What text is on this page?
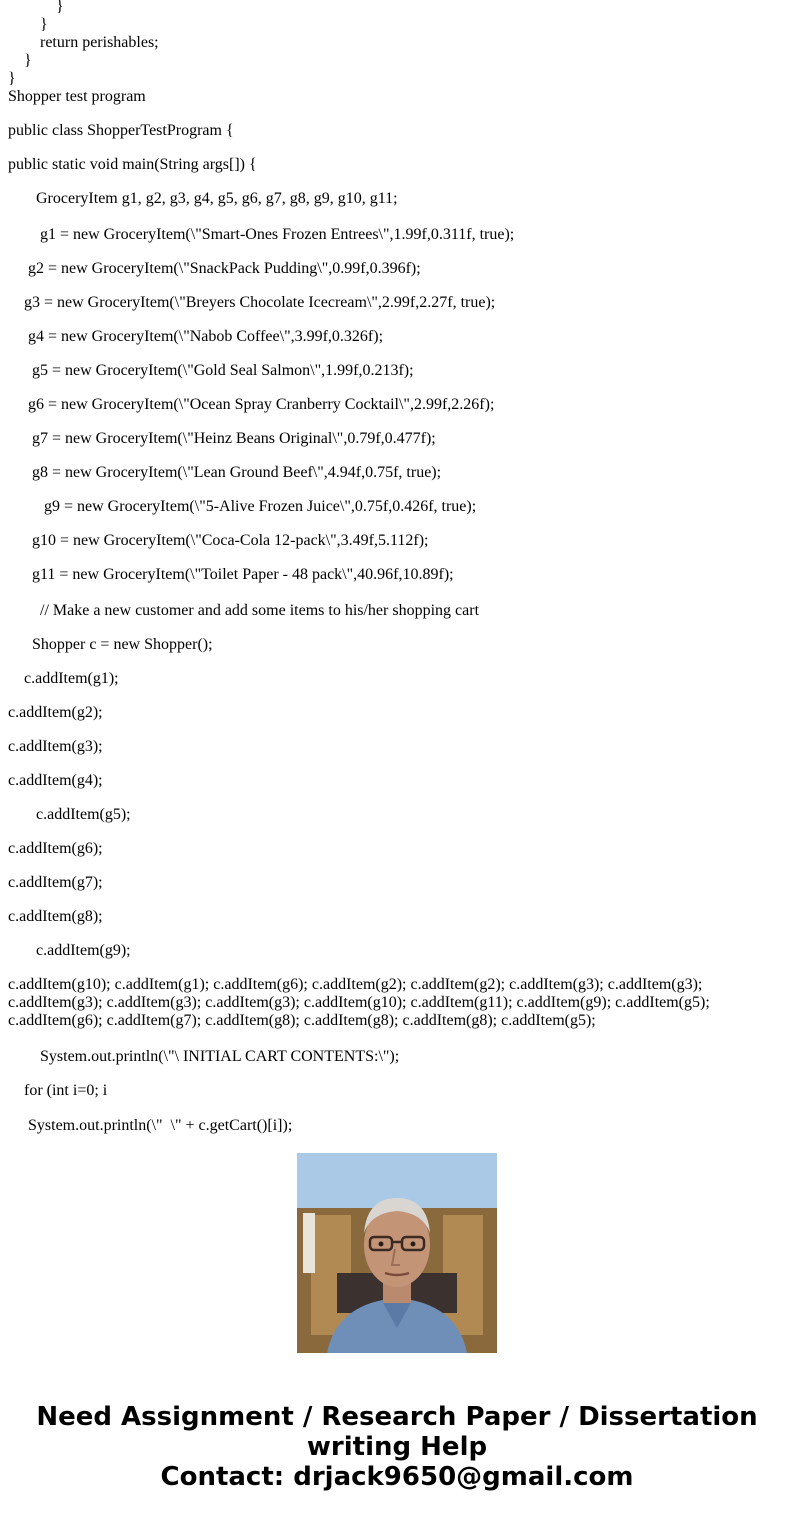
}
}
return perishables;
}
}
Shopper test program
public class ShopperTestProgram {
public static void main(String args[]) {
GroceryItem g1, g2, g3, g4, g5, g6, g7, g8, g9, g10, g11;
g1 = new GroceryItem(\"Smart-Ones Frozen Entrees\",1.99f,0.311f, true);
g2 = new GroceryItem(\"SnackPack Pudding\",0.99f,0.396f);
g3 = new GroceryItem(\"Breyers Chocolate Icecream\",2.99f,2.27f, true);
g4 = new GroceryItem(\"Nabob Coffee\",3.99f,0.326f);
g5 = new GroceryItem(\"Gold Seal Salmon\",1.99f,0.213f);
g6 = new GroceryItem(\"Ocean Spray Cranberry Cocktail\",2.99f,2.26f);
g7 = new GroceryItem(\"Heinz Beans Original\",0.79f,0.477f);
g8 = new GroceryItem(\"Lean Ground Beef\",4.94f,0.75f, true);
g9 = new GroceryItem(\"5-Alive Frozen Juice\",0.75f,0.426f, true);
g10 = new GroceryItem(\"Coca-Cola 12-pack\",3.49f,5.112f);
g11 = new GroceryItem(\"Toilet Paper - 48 pack\",40.96f,10.89f);
// Make a new customer and add some items to his/her shopping cart
Shopper c = new Shopper();
c.addItem(g1);
c.addItem(g2);
c.addItem(g3);
c.addItem(g4);
c.addItem(g5);
c.addItem(g6);
c.addItem(g7);
c.addItem(g8);
c.addItem(g9);
c.addItem(g10); c.addItem(g1); c.addItem(g6); c.addItem(g2); c.addItem(g2); c.addItem(g3); c.addItem(g3); c.addItem(g3); c.addItem(g3); c.addItem(g3); c.addItem(g10); c.addItem(g11); c.addItem(g9); c.addItem(g5); c.addItem(g6); c.addItem(g7); c.addItem(g8); c.addItem(g8); c.addItem(g8); c.addItem(g5);
System.out.println(\"\ INITIAL CART CONTENTS:\");
for (int i=0; i
System.out.println(\"  \" + c.getCart()[i]);
Need Assignment / Research Paper / Dissertation
writing Help
Contact: drjack9650@gmail.com
